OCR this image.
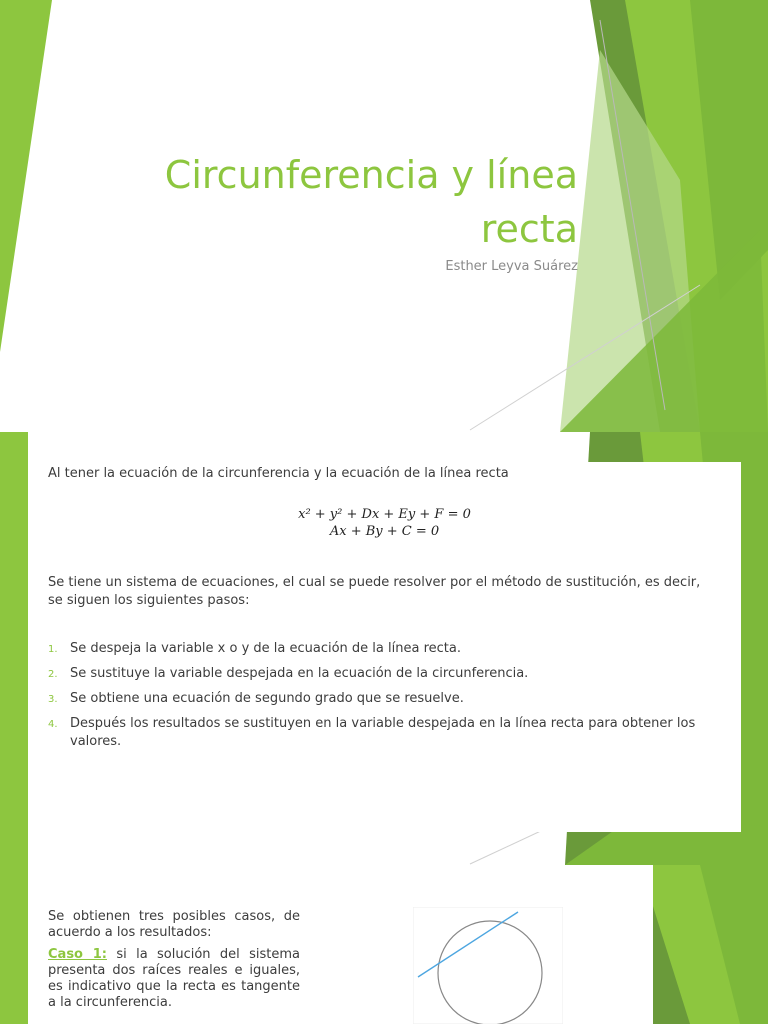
Circunferencia y línea
recta
Esther Leyva Suárez
Al tener la ecuación de la circunferencia y la ecuación de la línea recta
x² + y² + Dx + Ey + F = 0
Ax + By + C = 0
Se tiene un sistema de ecuaciones, el cual se puede resolver por el método de sustitución, es decir, se siguen los siguientes pasos:
1. Se despeja la variable x o y de la ecuación de la línea recta.
2. Se sustituye la variable despejada en la ecuación de la circunferencia.
3. Se obtiene una ecuación de segundo grado que se resuelve.
4. Después los resultados se sustituyen en la variable despejada en la línea recta para obtener los valores.
Se obtienen tres posibles casos, de acuerdo a los resultados:
Caso 1: si la solución del sistema presenta dos raíces reales e iguales, es indicativo que la recta es tangente a la circunferencia.
